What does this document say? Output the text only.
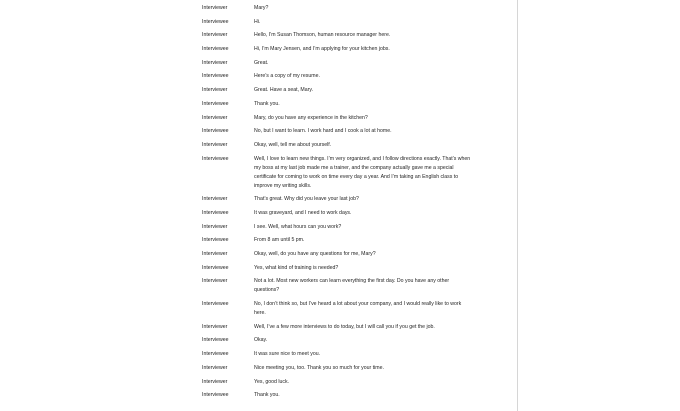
Interviewer	Mary?
Interviewee	Hi.
Interviewer	Hello, I’m Susan Thomson, human resource manager here.
Interviewee	Hi, I’m Mary Jensen, and I’m applying for your kitchen jobs.
Interviewer	Great.
Interviewee	Here’s a copy of my resume.
Interviewer	Great. Have a seat, Mary.
Interviewee	Thank you.
Interviewer	Mary, do you have any experience in the kitchen?
Interviewee	No, but I want to learn. I work hard and I cook a lot at home.
Interviewer	Okay, well, tell me about yourself.
Interviewee	Well, I love to learn new things. I’m very organized, and I follow directions exactly. That’s when my boss at my last job made me a trainer, and the company actually gave me a special certificate for coming to work on time every day a year. And I’m taking an English class to improve my writing skills.
Interviewer	That’s great. Why did you leave your last job?
Interviewee	It was graveyard, and I need to work days.
Interviewer	I see. Well, what hours can you work?
Interviewee	From 8 am until 5 pm.
Interviewer	Okay, well, do you have any questions for me, Mary?
Interviewee	Yes, what kind of training is needed?
Interviewer	Not a lot. Most new workers can learn everything the first day. Do you have any other questions?
Interviewee	No, I don’t think so, but I’ve heard a lot about your company, and I would really like to work here.
Interviewer	Well, I’ve a few more interviews to do today, but I will call you if you get the job.
Interviewee	Okay.
Interviewee	It was sure nice to meet you.
Interviewer	Nice meeting you, too. Thank you so much for your time.
Interviewer	Yes, good luck.
Interviewee	Thank you.
